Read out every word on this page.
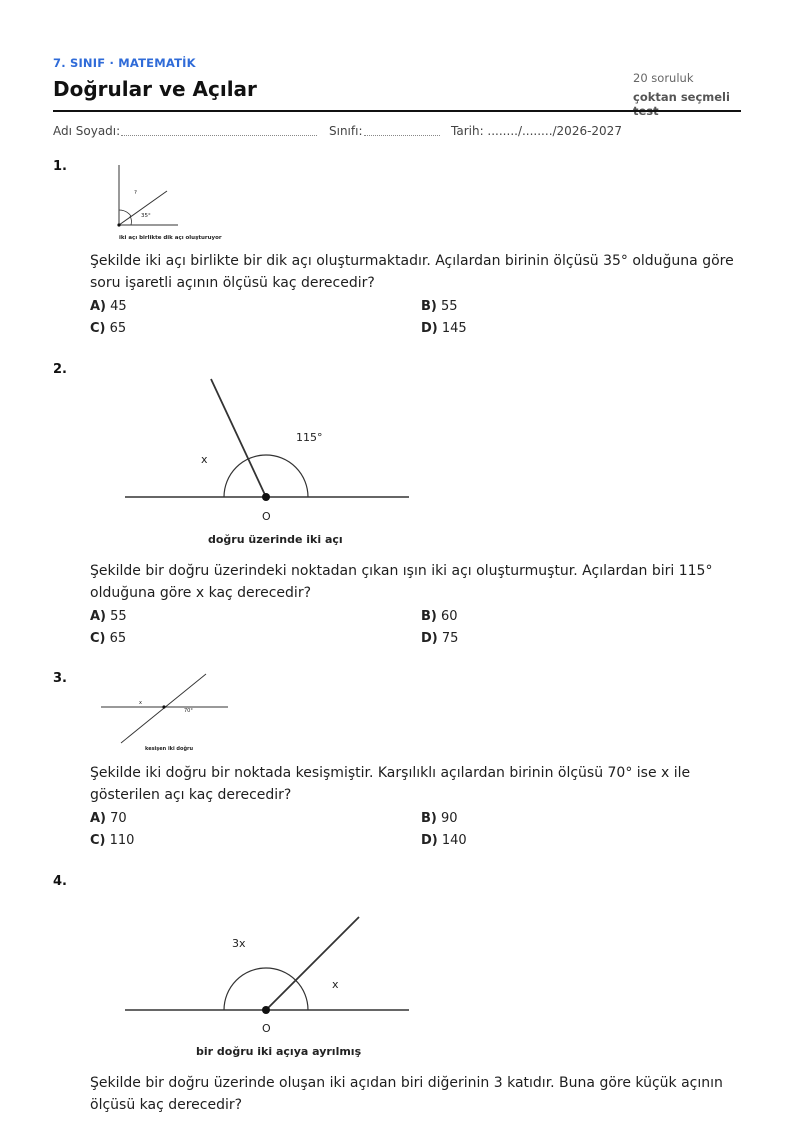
7. SINIF · MATEMATİK
Doğrular ve Açılar	20 soruluk
çoktan seçmeli test
Adı Soyadı:	Sınıfı:	Tarih: ......../......../2026-2027
1.
?
35°
iki açı birlikte dik açı oluşturuyor
Şekilde iki açı birlikte bir dik açı oluşturmaktadır. Açılardan birinin ölçüsü 35° olduğuna göre soru işaretli açının ölçüsü kaç derecedir?
A) 45	B) 55
C) 65	D) 145
2.
115°
x
O
doğru üzerinde iki açı
Şekilde bir doğru üzerindeki noktadan çıkan ışın iki açı oluşturmuştur. Açılardan biri 115° olduğuna göre x kaç derecedir?
A) 55	B) 60
C) 65	D) 75
3.
x
70°
kesişen iki doğru
Şekilde iki doğru bir noktada kesişmiştir. Karşılıklı açılardan birinin ölçüsü 70° ise x ile gösterilen açı kaç derecedir?
A) 70	B) 90
C) 110	D) 140
4.
3x
x
O
bir doğru iki açıya ayrılmış
Şekilde bir doğru üzerinde oluşan iki açıdan biri diğerinin 3 katıdır. Buna göre küçük açının ölçüsü kaç derecedir?
